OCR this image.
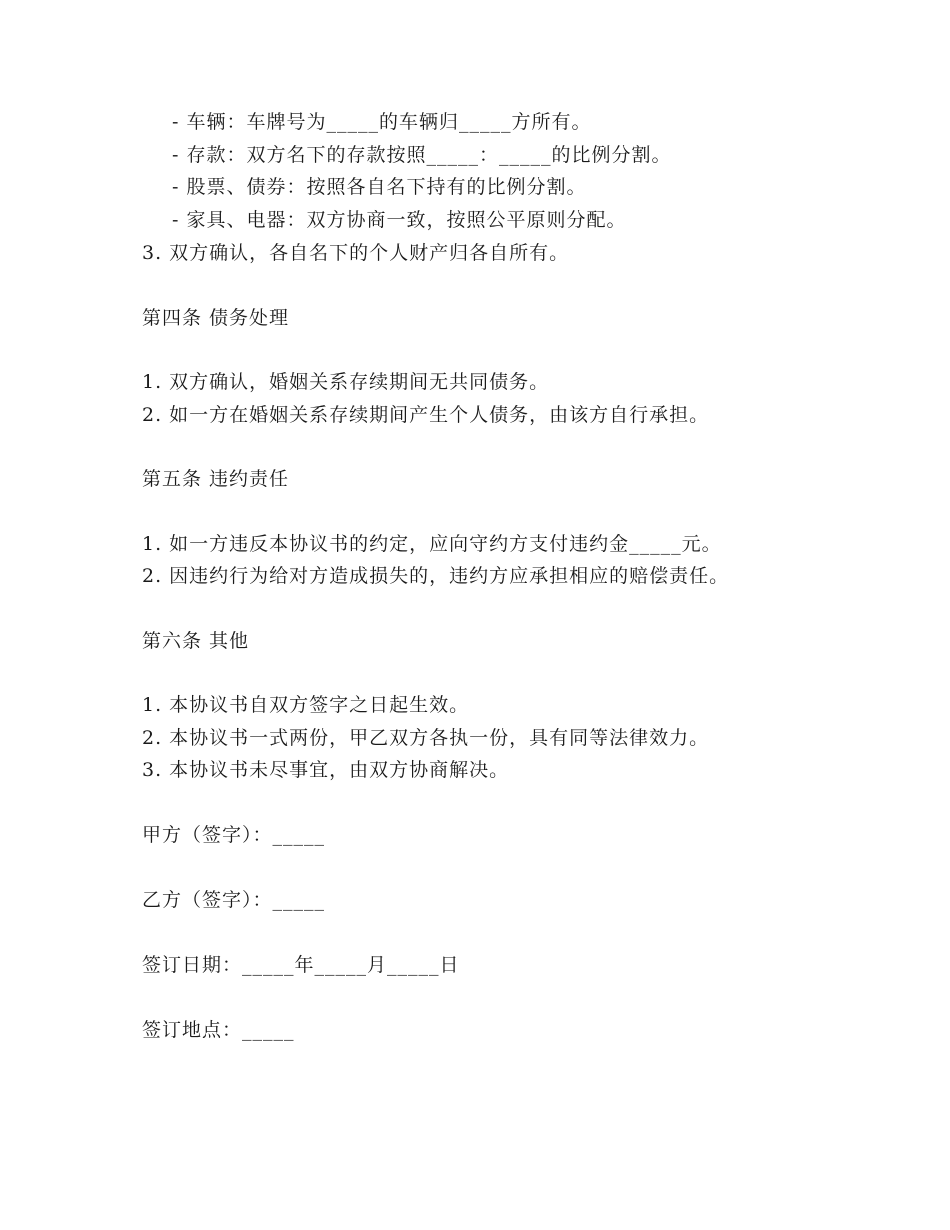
- 车辆：车牌号为_____的车辆归_____方所有。
- 存款：双方名下的存款按照_____：_____的比例分割。
- 股票、债券：按照各自名下持有的比例分割。
- 家具、电器：双方协商一致，按照公平原则分配。
3. 双方确认，各自名下的个人财产归各自所有。
第四条 债务处理
1. 双方确认，婚姻关系存续期间无共同债务。
2. 如一方在婚姻关系存续期间产生个人债务，由该方自行承担。
第五条 违约责任
1. 如一方违反本协议书的约定，应向守约方支付违约金_____元。
2. 因违约行为给对方造成损失的，违约方应承担相应的赔偿责任。
第六条 其他
1. 本协议书自双方签字之日起生效。
2. 本协议书一式两份，甲乙双方各执一份，具有同等法律效力。
3. 本协议书未尽事宜，由双方协商解决。
甲方（签字）：_____
乙方（签字）：_____
签订日期：_____年_____月_____日
签订地点：_____
